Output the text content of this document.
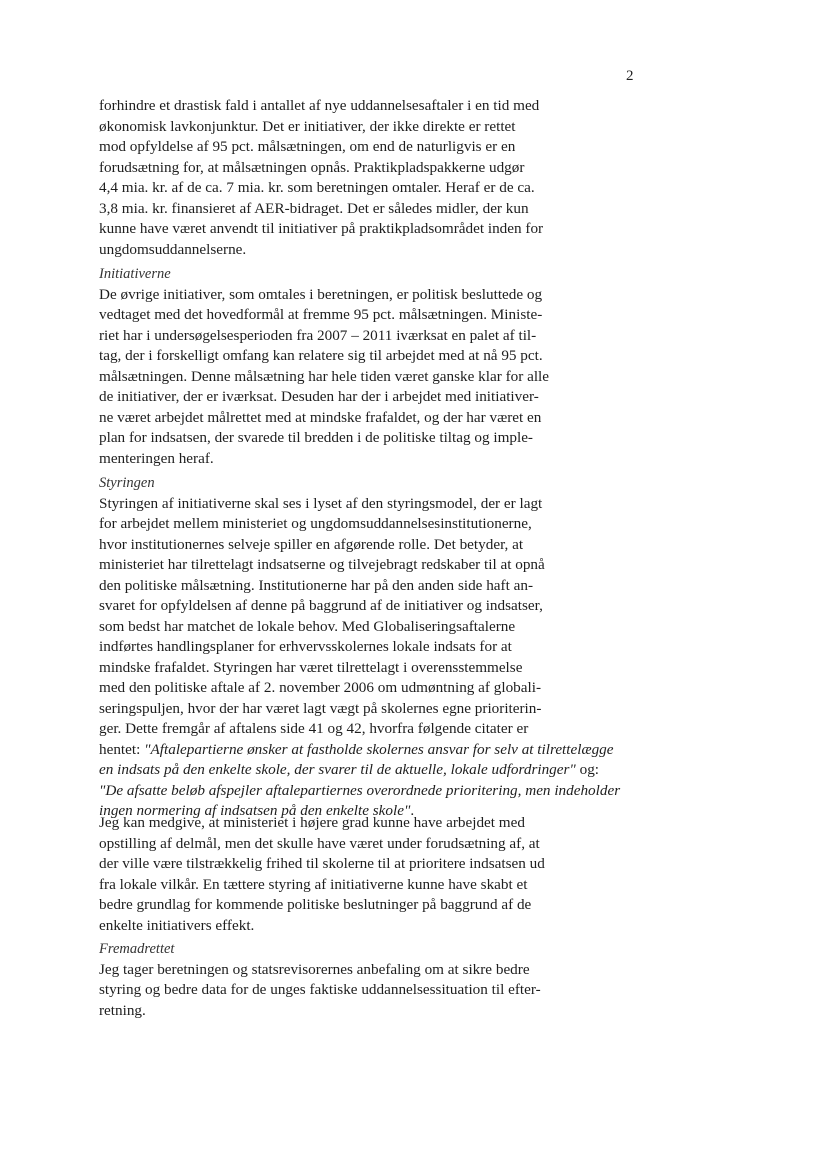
2
forhindre et drastisk fald i antallet af nye uddannelsesaftaler i en tid med
økonomisk lavkonjunktur. Det er initiativer, der ikke direkte er rettet
mod opfyldelse af 95 pct. målsætningen, om end de naturligvis er en
forudsætning for, at målsætningen opnås. Praktikpladspakkerne udgør
4,4 mia. kr. af de ca. 7 mia. kr. som beretningen omtaler. Heraf er de ca.
3,8 mia. kr. finansieret af AER-bidraget. Det er således midler, der kun
kunne have været anvendt til initiativer på praktikpladsområdet inden for
ungdomsuddannelserne.
Initiativerne
De øvrige initiativer, som omtales i beretningen, er politisk besluttede og
vedtaget med det hovedformål at fremme 95 pct. målsætningen. Ministe-
riet har i undersøgelsesperioden fra 2007 – 2011 iværksat en palet af til-
tag, der i forskelligt omfang kan relatere sig til arbejdet med at nå 95 pct.
målsætningen. Denne målsætning har hele tiden været ganske klar for alle
de initiativer, der er iværksat. Desuden har der i arbejdet med initiativer-
ne været arbejdet målrettet med at mindske frafaldet, og der har været en
plan for indsatsen, der svarede til bredden i de politiske tiltag og imple-
menteringen heraf.
Styringen
Styringen af initiativerne skal ses i lyset af den styringsmodel, der er lagt
for arbejdet mellem ministeriet og ungdomsuddannelsesinstitutionerne,
hvor institutionernes selveje spiller en afgørende rolle. Det betyder, at
ministeriet har tilrettelagt indsatserne og tilvejebragt redskaber til at opnå
den politiske målsætning. Institutionerne har på den anden side haft an-
svaret for opfyldelsen af denne på baggrund af de initiativer og indsatser,
som bedst har matchet de lokale behov. Med Globaliseringsaftalerne
indførtes handlingsplaner for erhvervsskolernes lokale indsats for at
mindske frafaldet. Styringen har været tilrettelagt i overensstemmelse
med den politiske aftale af 2. november 2006 om udmøntning af globali-
seringspuljen, hvor der har været lagt vægt på skolernes egne prioriterin-
ger. Dette fremgår af aftalens side 41 og 42, hvorfra følgende citater er
hentet: "Aftalepartierne ønsker at fastholde skolernes ansvar for selv at tilrettelægge
en indsats på den enkelte skole, der svarer til de aktuelle, lokale udfordringer" og:
"De afsatte beløb afspejler aftalepartiernes overordnede prioritering, men indeholder
ingen normering af indsatsen på den enkelte skole".
Jeg kan medgive, at ministeriet i højere grad kunne have arbejdet med
opstilling af delmål, men det skulle have været under forudsætning af, at
der ville være tilstrækkelig frihed til skolerne til at prioritere indsatsen ud
fra lokale vilkår. En tættere styring af initiativerne kunne have skabt et
bedre grundlag for kommende politiske beslutninger på baggrund af de
enkelte initiativers effekt.
Fremadrettet
Jeg tager beretningen og statsrevisorernes anbefaling om at sikre bedre
styring og bedre data for de unges faktiske uddannelsessituation til efter-
retning.
